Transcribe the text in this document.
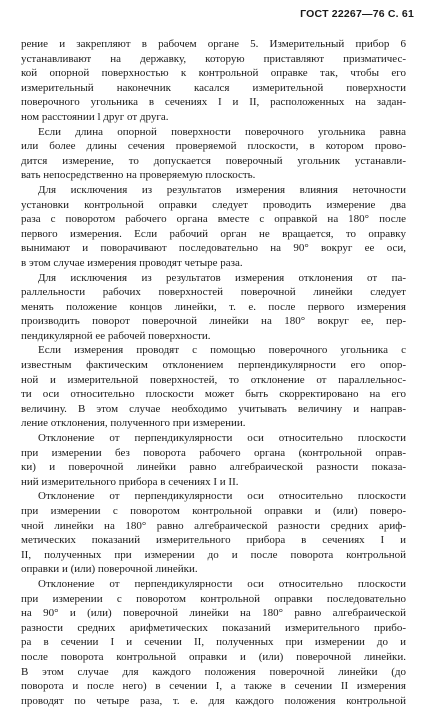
ГОСТ 22267—76 С. 61
рение и закрепляют в рабочем органе 5. Измерительный прибор 6
устанавливают на державку, которую приставляют призматичес-
кой опорной поверхностью к контрольной оправке так, чтобы его
измерительный наконечник касался измерительной поверхности
поверочного угольника в сечениях I и II, расположенных на задан-
ном расстоянии l друг от друга.
Если длина опорной поверхности поверочного угольника равна
или более длины сечения проверяемой плоскости, в котором прово-
дится измерение, то допускается поверочный угольник устанавли-
вать непосредственно на проверяемую плоскость.
Для исключения из результатов измерения влияния неточности
установки контрольной оправки следует проводить измерение два
раза с поворотом рабочего органа вместе с оправкой на 180° после
первого измерения. Если рабочий орган не вращается, то оправку
вынимают и поворачивают последовательно на 90° вокруг ее оси,
в этом случае измерения проводят четыре раза.
Для исключения из результатов измерения отклонения от па-
раллельности рабочих поверхностей поверочной линейки следует
менять положение концов линейки, т. е. после первого измерения
производить поворот поверочной линейки на 180° вокруг ее, пер-
пендикулярной ее рабочей поверхности.
Если измерения проводят с помощью поверочного угольника с
известным фактическим отклонением перпендикулярности его опор-
ной и измерительной поверхностей, то отклонение от параллельнос-
ти оси относительно плоскости может быть скорректировано на его
величину. В этом случае необходимо учитывать величину и направ-
ление отклонения, полученного при измерении.
Отклонение от перпендикулярности оси относительно плоскости
при измерении без поворота рабочего органа (контрольной оправ-
ки) и поверочной линейки равно алгебраической разности показа-
ний измерительного прибора в сечениях I и II.
Отклонение от перпендикулярности оси относительно плоскости
при измерении с поворотом контрольной оправки и (или) поверо-
чной линейки на 180° равно алгебраической разности средних ариф-
метических показаний измерительного прибора в сечениях I и
II, полученных при измерении до и после поворота контрольной
оправки и (или) поверочной линейки.
Отклонение от перпендикулярности оси относительно плоскости
при измерении с поворотом контрольной оправки последовательно
на 90° и (или) поверочной линейки на 180° равно алгебраической
разности средних арифметических показаний измерительного прибо-
ра в сечении I и сечении II, полученных при измерении до и
после поворота контрольной оправки и (или) поверочной линейки.
В этом случае для каждого положения поверочной линейки (до
поворота и после него) в сечении I, а также в сечении II измерения
проводят по четыре раза, т. е. для каждого положения контрольной
